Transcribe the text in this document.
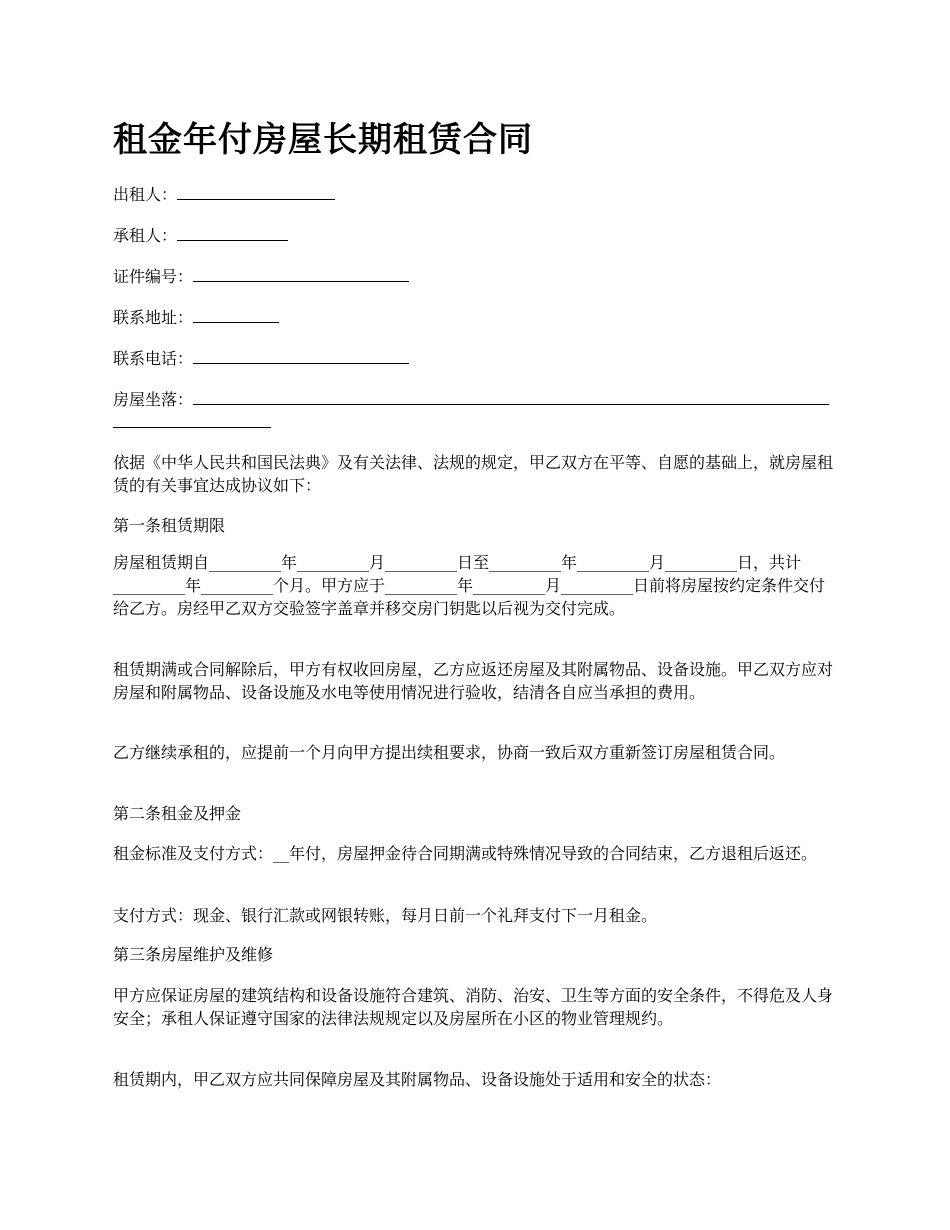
租金年付房屋长期租赁合同
出租人：
承租人：
证件编号：
联系地址：
联系电话：
房屋坐落：

依据《中华人民共和国民法典》及有关法律、法规的规定，甲乙双方在平等、自愿的基础上，就房屋租赁的有关事宜达成协议如下：

第一条租赁期限

房屋租赁期自_________年_________月_________日至_________年_________月_________日，共计_________年_________个月。甲方应于_________年_________月_________日前将房屋按约定条件交付给乙方。房经甲乙双方交验签字盖章并移交房门钥匙以后视为交付完成。

租赁期满或合同解除后，甲方有权收回房屋，乙方应返还房屋及其附属物品、设备设施。甲乙双方应对房屋和附属物品、设备设施及水电等使用情况进行验收，结清各自应当承担的费用。

乙方继续承租的，应提前一个月向甲方提出续租要求，协商一致后双方重新签订房屋租赁合同。

第二条租金及押金

租金标准及支付方式：__年付，房屋押金待合同期满或特殊情况导致的合同结束，乙方退租后返还。

支付方式：现金、银行汇款或网银转账，每月日前一个礼拜支付下一月租金。

第三条房屋维护及维修

甲方应保证房屋的建筑结构和设备设施符合建筑、消防、治安、卫生等方面的安全条件，不得危及人身安全；承租人保证遵守国家的法律法规规定以及房屋所在小区的物业管理规约。

租赁期内，甲乙双方应共同保障房屋及其附属物品、设备设施处于适用和安全的状态：
